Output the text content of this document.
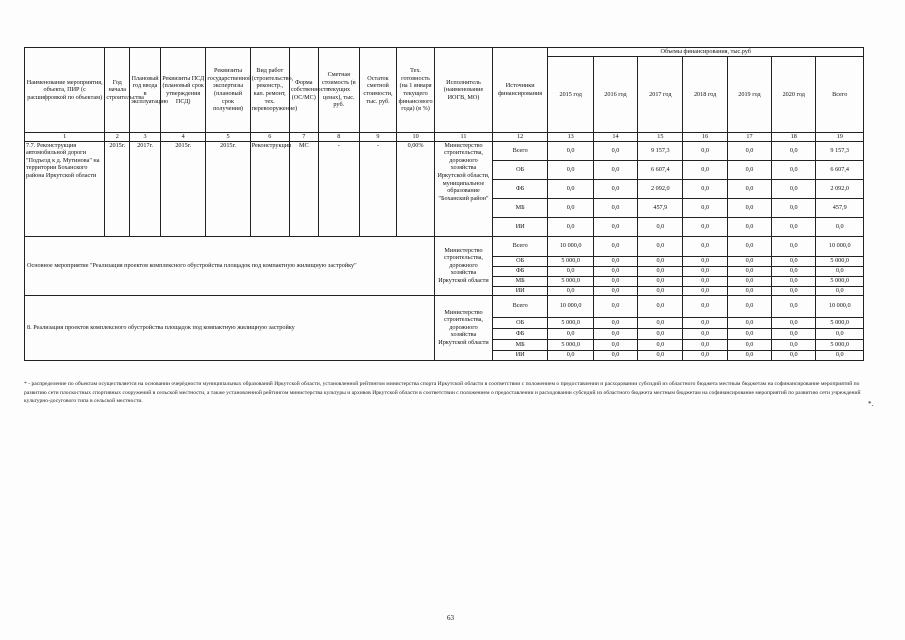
Наименование мероприятия, объекта, ПИР (с расшифровкой по объектам)	Год начала строительства	Плановый год ввода в эксплуатацию	Реквизиты ПСД (плановый срок утверждения ПСД)	Реквизиты государственной экспертизы (плановый срок получения)	Вид работ (строительство, реконстр., кап. ремонт, тех. перевооружение)	Форма собственности (ОС/МС)	Сметная стоимость (в текущих ценах), тыс. руб.	Остаток сметной стоимости, тыс. руб.	Тех. готовность (на 1 января текущего финансового года) (в %)	Исполнитель (наименование ИОГВ, МО)	Источники финансирования	Объемы финансирования, тыс.руб						
												2015 год	2016 год	2017 год	2018 год	2019 год	2020 год	Всего
1	2	3	4	5	6	7	8	9	10	11	12	13	14	15	16	17	18	19
7.7. Реконструкция автомобильной дороги "Подъезд к д. Мутинова" на территории Боханского района Иркутской области	2015г.	2017г.	2015г.	2015г.	Реконструкция	МС	-	-	0,00%	Министерство строительства, дорожного хозяйства Иркутской области, муниципальное образование "Боханский район"	Всего	0,0	0,0	9 157,3	0,0	0,0	0,0	9 157,3
											ОБ	0,0	0,0	6 607,4	0,0	0,0	0,0	6 607,4
											ФБ	0,0	0,0	2 092,0	0,0	0,0	0,0	2 092,0
											МБ	0,0	0,0	457,9	0,0	0,0	0,0	457,9
											ИИ	0,0	0,0	0,0	0,0	0,0	0,0	0,0
Основное мероприятие "Реализация проектов комплексного обустройства площадок под компактную жилищную застройку"										Министерство строительства, дорожного хозяйства Иркутской области	Всего	10 000,0	0,0	0,0	0,0	0,0	0,0	10 000,0
											ОБ	5 000,0	0,0	0,0	0,0	0,0	0,0	5 000,0
											ФБ	0,0	0,0	0,0	0,0	0,0	0,0	0,0
											МБ	5 000,0	0,0	0,0	0,0	0,0	0,0	5 000,0
											ИИ	0,0	0,0	0,0	0,0	0,0	0,0	0,0
8. Реализация проектов комплексного обустройства площадок под компактную жилищную застройку										Министерство строительства, дорожного хозяйства Иркутской области	Всего	10 000,0	0,0	0,0	0,0	0,0	0,0	10 000,0
											ОБ	5 000,0	0,0	0,0	0,0	0,0	0,0	5 000,0
											ФБ	0,0	0,0	0,0	0,0	0,0	0,0	0,0
											МБ	5 000,0	0,0	0,0	0,0	0,0	0,0	5 000,0
											ИИ	0,0	0,0	0,0	0,0	0,0	0,0	0,0
* - распределение по объектам осуществляется на основании очерёдности муниципальных образований Иркутской области, установленной рейтингом министерства спорта Иркутской области в соответствии с положением о предоставлении и расходовании субсидий из областного бюджета местным бюджетам на софинансирование мероприятий по развитию сети плоскостных спортивных сооружений в сельской местности, а также установленной рейтингом министерства культуры и архивов Иркутской области в соответствии с положением о предоставлении и расходовании субсидий из областного бюджета местным бюджетам на софинансирование мероприятий по развитию сети учреждений культурно-досугового типа в сельской местности.	*.
63
